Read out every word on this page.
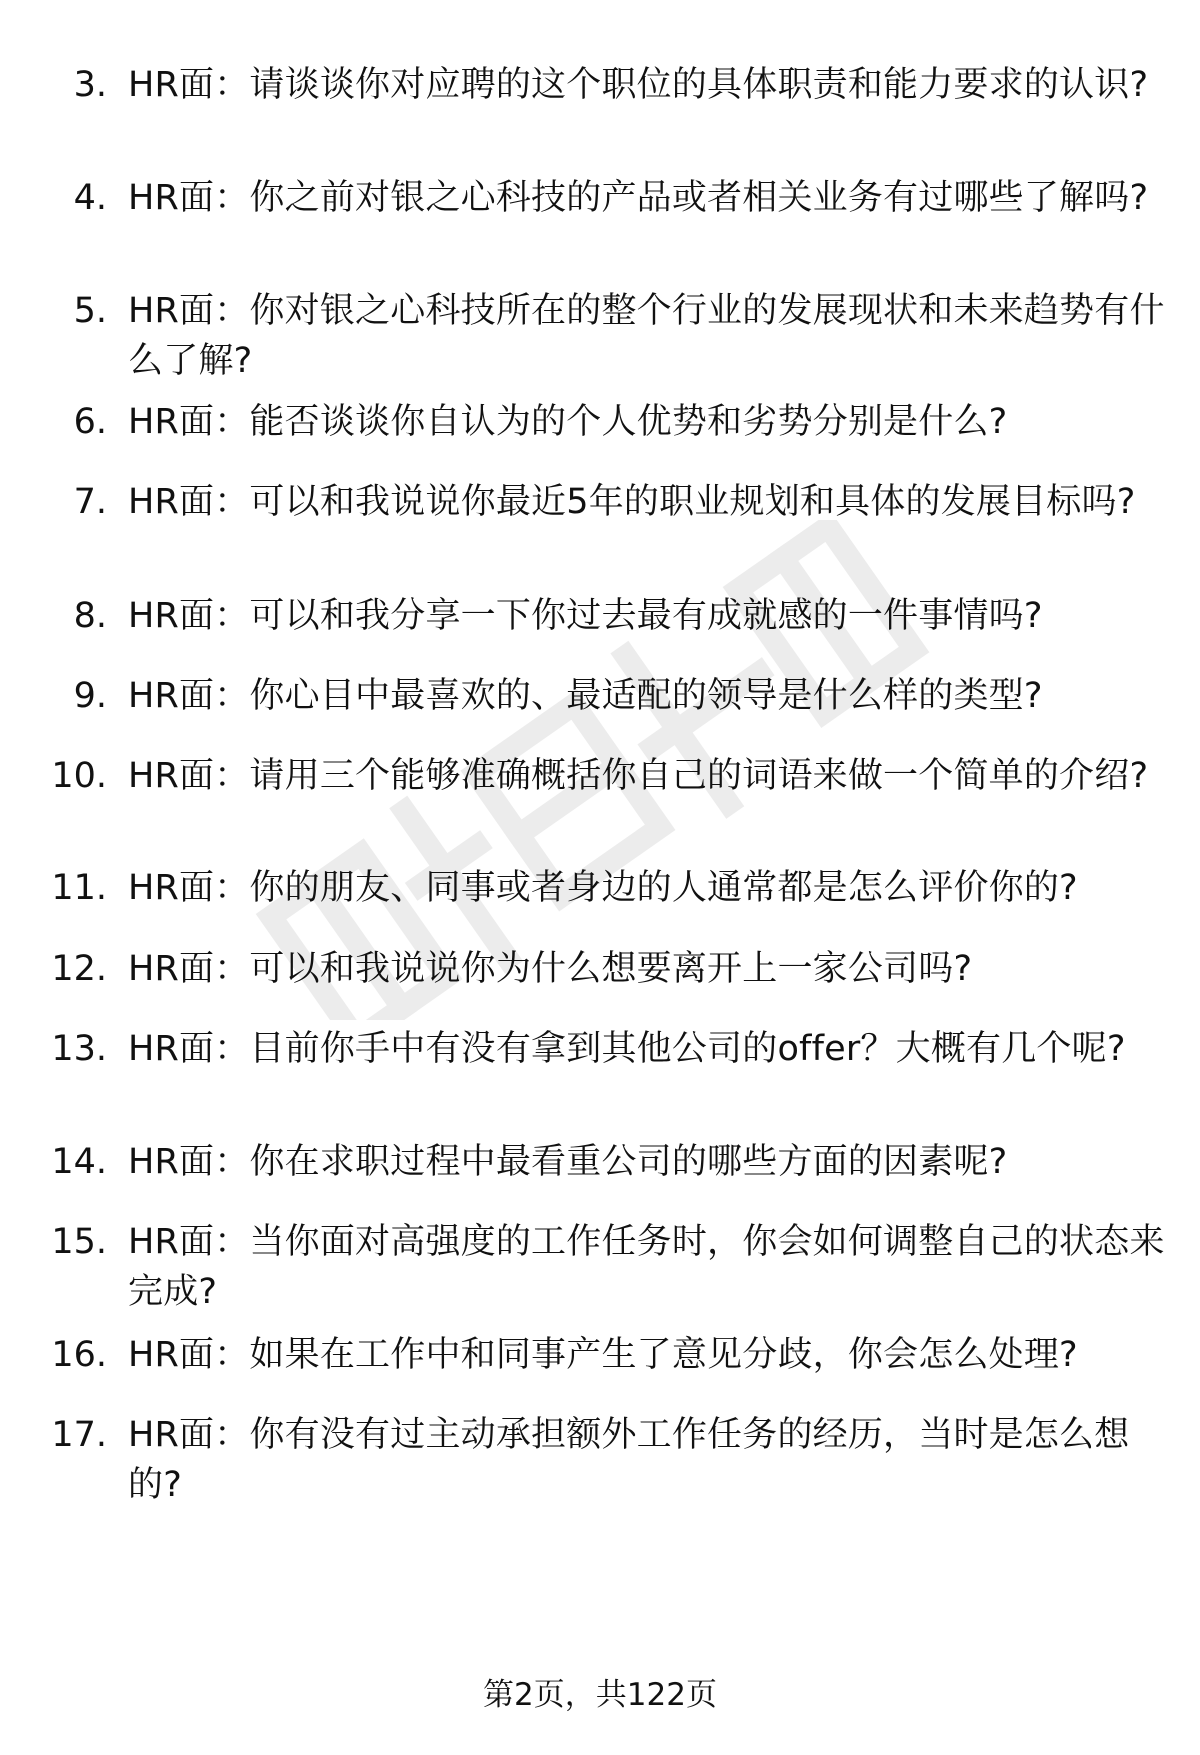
3. HR面：请谈谈你对应聘的这个职位的具体职责和能力要求的认识?
4. HR面：你之前对银之心科技的产品或者相关业务有过哪些了解吗?
5. HR面：你对银之心科技所在的整个行业的发展现状和未来趋势有什么了解?
6. HR面：能否谈谈你自认为的个人优势和劣势分别是什么?
7. HR面：可以和我说说你最近5年的职业规划和具体的发展目标吗?
8. HR面：可以和我分享一下你过去最有成就感的一件事情吗?
9. HR面：你心目中最喜欢的、最适配的领导是什么样的类型?
10. HR面：请用三个能够准确概括你自己的词语来做一个简单的介绍?
11. HR面：你的朋友、同事或者身边的人通常都是怎么评价你的?
12. HR面：可以和我说说你为什么想要离开上一家公司吗?
13. HR面：目前你手中有没有拿到其他公司的offer？大概有几个呢?
14. HR面：你在求职过程中最看重公司的哪些方面的因素呢?
15. HR面：当你面对高强度的工作任务时，你会如何调整自己的状态来完成?
16. HR面：如果在工作中和同事产生了意见分歧，你会怎么处理?
17. HR面：你有没有过主动承担额外工作任务的经历，当时是怎么想的?
第2页，共122页
